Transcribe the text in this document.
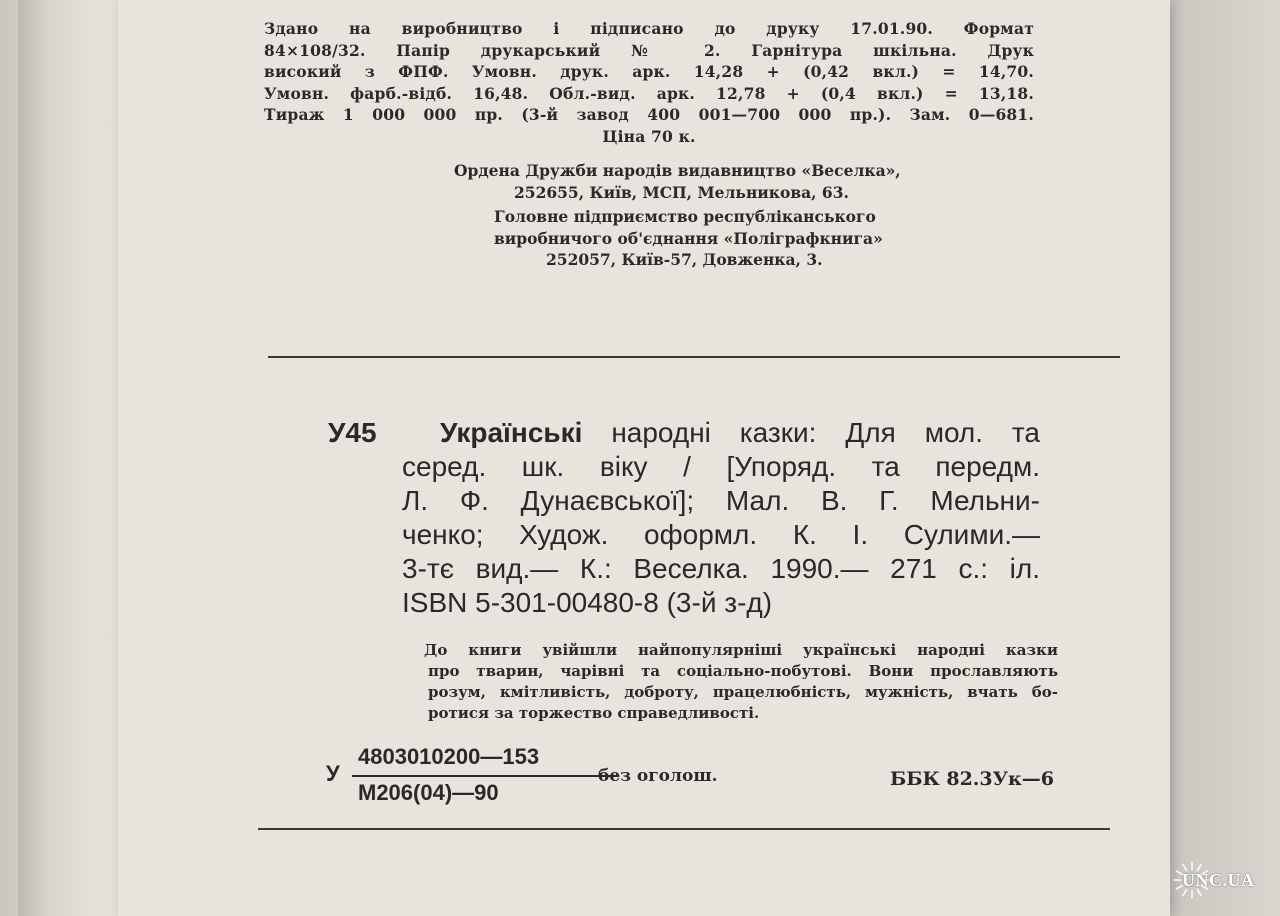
Здано на виробництво і підписано до друку 17.01.90. Формат
84×108/32. Папір друкарський № 2. Гарнітура шкільна. Друк
високий з ФПФ. Умовн. друк. арк. 14,28 + (0,42 вкл.) = 14,70.
Умовн. фарб.-відб. 16,48. Обл.-вид. арк. 12,78 + (0,4 вкл.) = 13,18.
Тираж 1 000 000 пр. (3-й завод 400 001—700 000 пр.). Зам. 0—681.
Ціна 70 к.
Ордена Дружби народів видавництво «Веселка»,
252655, Київ, МСП, Мельникова, 63.
Головне підприємство республіканського
виробничого об'єднання «Поліграфкнига»
252057, Київ-57, Довженка, 3.
У45 Українські народні казки: Для мол. та
серед. шк. віку / [Упоряд. та передм.
Л. Ф. Дунаєвської]; Мал. В. Г. Мельни-
ченко; Худож. оформл. К. І. Сулими.—
3-тє вид.— К.: Веселка. 1990.— 271 с.: іл.
ISBN 5-301-00480-8 (3-й з-д)
До книги увійшли найпопулярніші українські народні казки
про тварин, чарівні та соціально-побутові. Вони прославляють
розум, кмітливість, доброту, працелюбність, мужність, вчать бо-
ротися за торжество справедливості.
У
4803010200—153
М206(04)—90
без оголош.	ББК 82.3Ук—6
UNC.UA
